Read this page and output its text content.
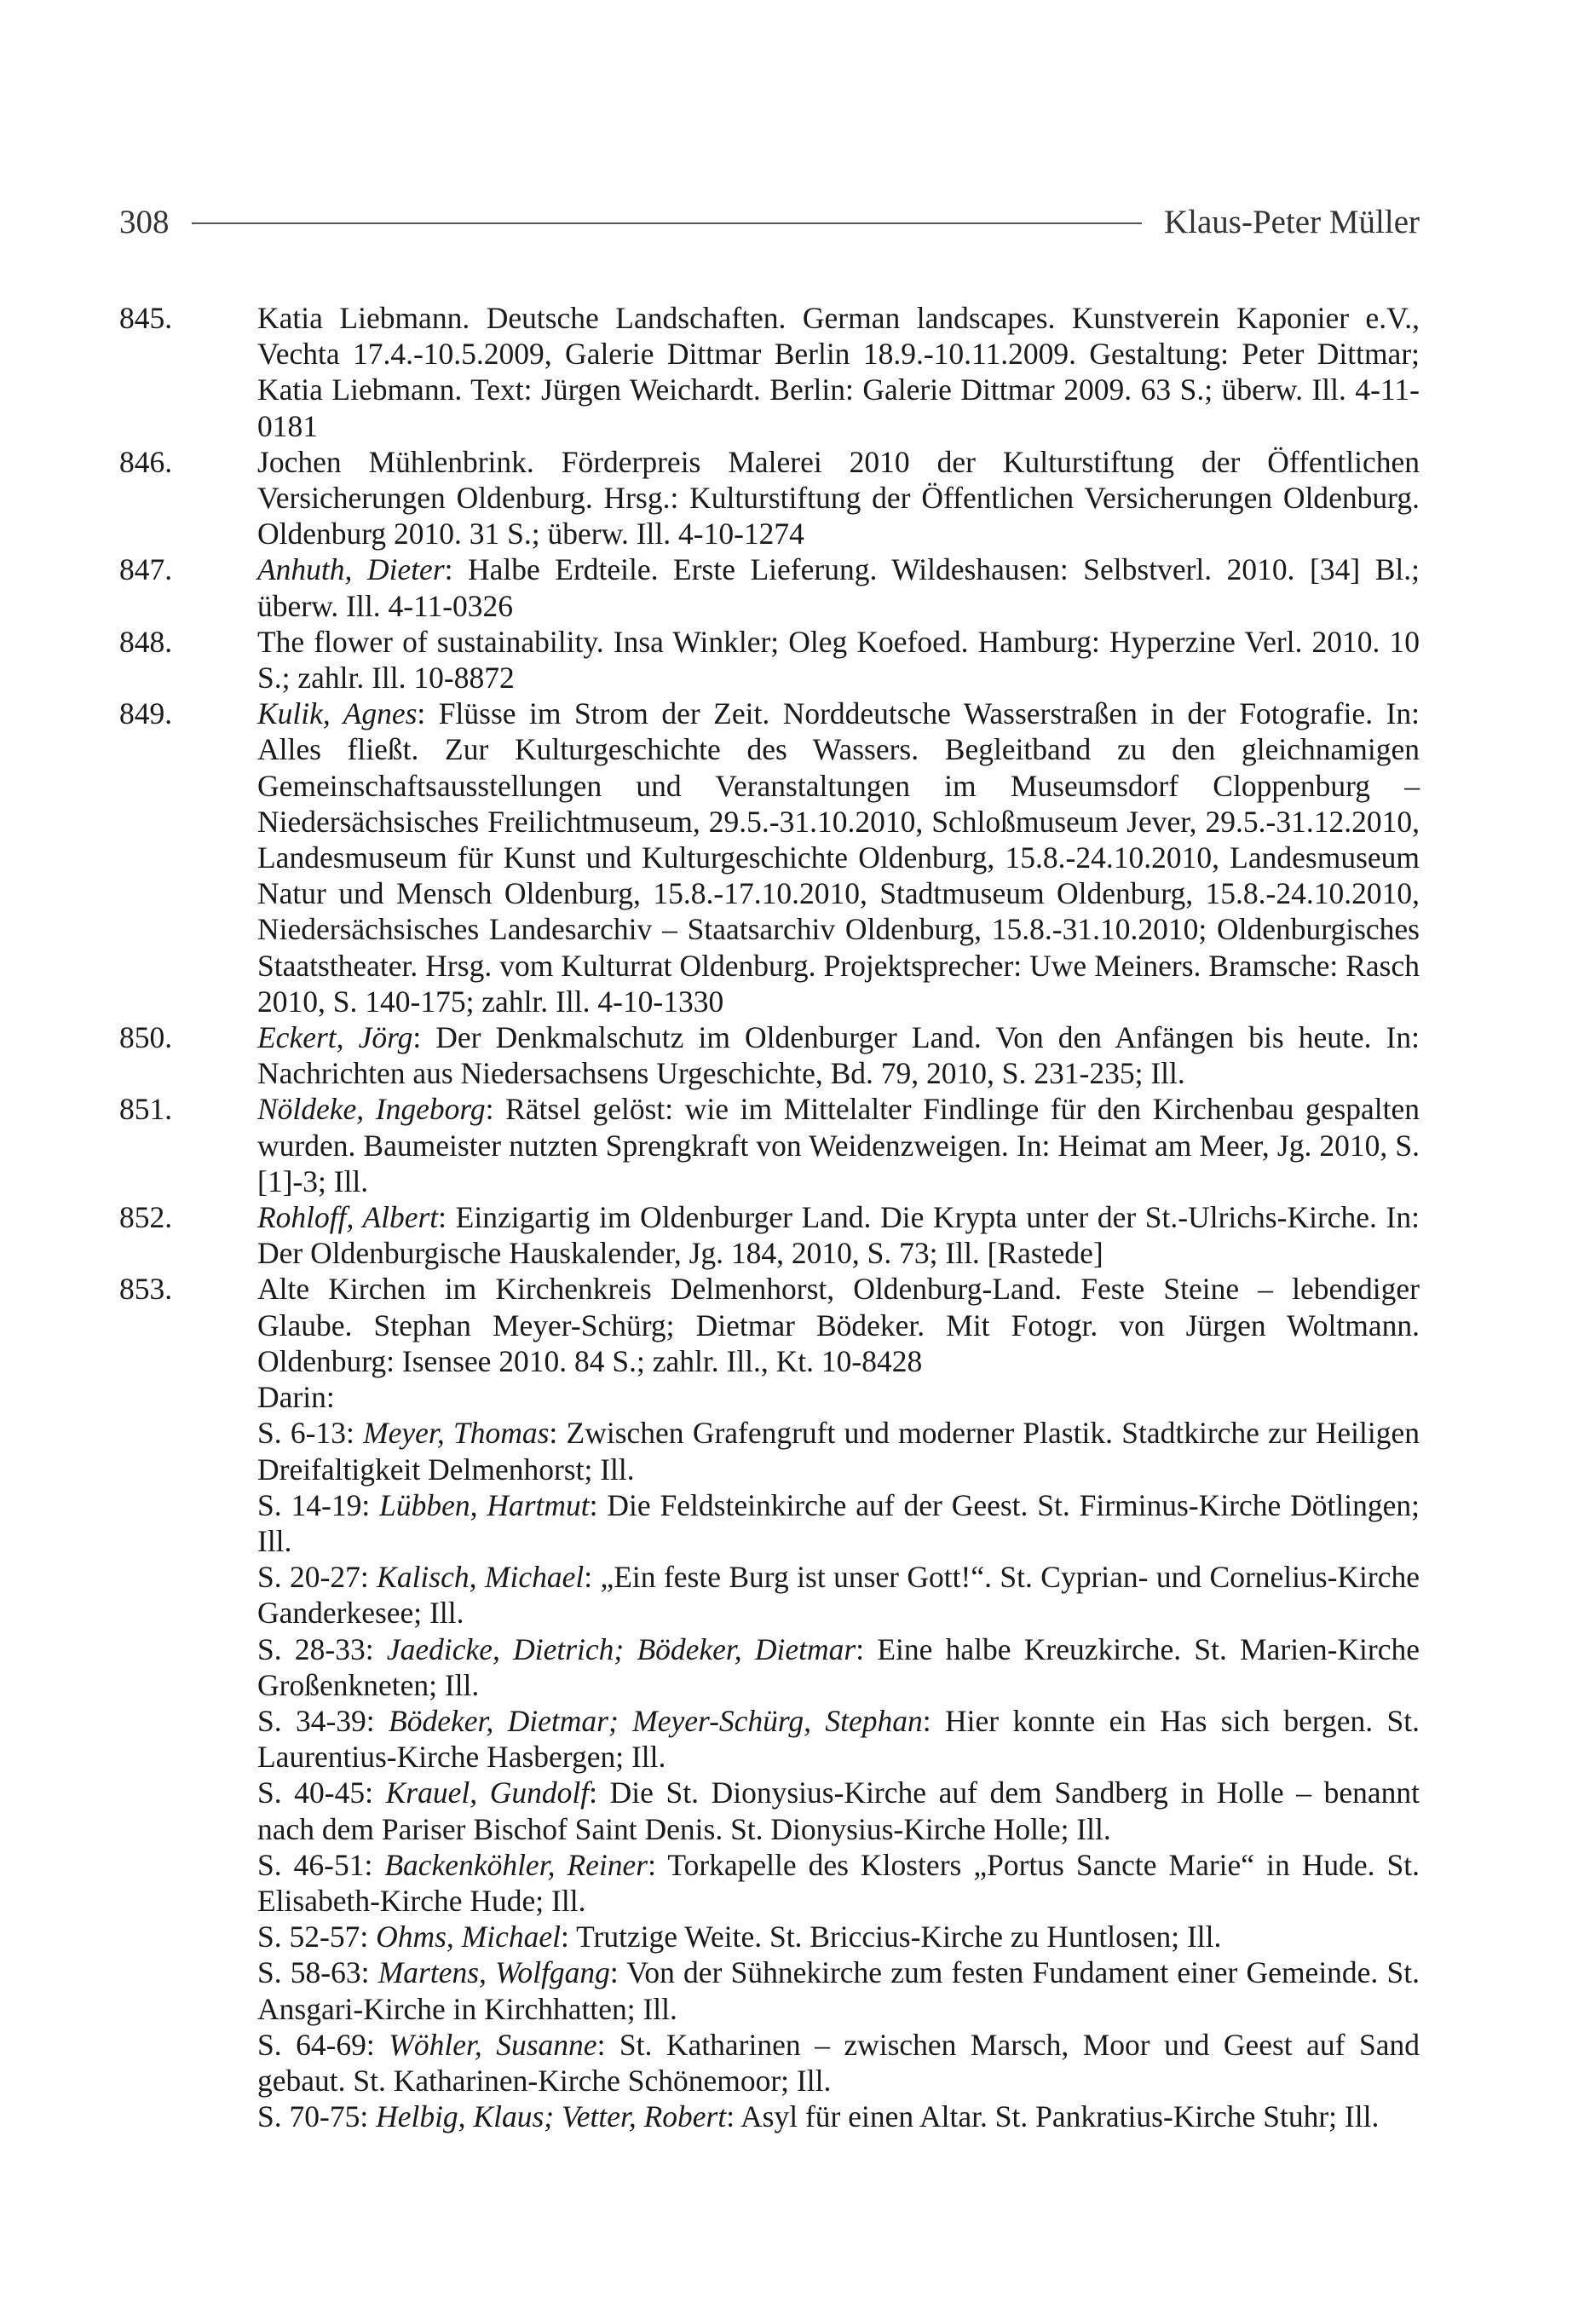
308	Klaus-Peter Müller
845.	Katia Liebmann. Deutsche Landschaften. German landscapes. Kunstverein Kaponier e.V., Vechta 17.4.-10.5.2009, Galerie Dittmar Berlin 18.9.-10.11.2009. Gestaltung: Peter Dittmar; Katia Liebmann. Text: Jürgen Weichardt. Berlin: Galerie Dittmar 2009. 63 S.; überw. Ill. 4-11-0181

846.	Jochen Mühlenbrink. Förderpreis Malerei 2010 der Kulturstiftung der Öffentlichen Versicherungen Oldenburg. Hrsg.: Kulturstiftung der Öffentlichen Versicherungen Oldenburg. Oldenburg 2010. 31 S.; überw. Ill. 4-10-1274

847.	Anhuth, Dieter: Halbe Erdteile. Erste Lieferung. Wildeshausen: Selbstverl. 2010. [34] Bl.; überw. Ill. 4-11-0326

848.	The flower of sustainability. Insa Winkler; Oleg Koefoed. Hamburg: Hyperzine Verl. 2010. 10 S.; zahlr. Ill. 10-8872

849.	Kulik, Agnes: Flüsse im Strom der Zeit. Norddeutsche Wasserstraßen in der Fotografie. In: Alles fließt. Zur Kulturgeschichte des Wassers. Begleitband zu den gleichnamigen Gemeinschaftsausstellungen und Veranstaltungen im Museumsdorf Cloppenburg – Niedersächsisches Freilichtmuseum, 29.5.-31.10.2010, Schloßmuseum Jever, 29.5.-31.12.2010, Landesmuseum für Kunst und Kulturgeschichte Oldenburg, 15.8.-24.10.2010, Landesmuseum Natur und Mensch Oldenburg, 15.8.-17.10.2010, Stadtmuseum Oldenburg, 15.8.-24.10.2010, Niedersächsisches Landesarchiv – Staatsarchiv Oldenburg, 15.8.-31.10.2010; Oldenburgisches Staatstheater. Hrsg. vom Kulturrat Oldenburg. Projektsprecher: Uwe Meiners. Bramsche: Rasch 2010, S. 140-175; zahlr. Ill. 4-10-1330

850.	Eckert, Jörg: Der Denkmalschutz im Oldenburger Land. Von den Anfängen bis heute. In: Nachrichten aus Niedersachsens Urgeschichte, Bd. 79, 2010, S. 231-235; Ill.

851.	Nöldeke, Ingeborg: Rätsel gelöst: wie im Mittelalter Findlinge für den Kirchenbau gespalten wurden. Baumeister nutzten Sprengkraft von Weidenzweigen. In: Heimat am Meer, Jg. 2010, S. [1]-3; Ill.

852.	Rohloff, Albert: Einzigartig im Oldenburger Land. Die Krypta unter der St.-Ulrichs-Kirche. In: Der Oldenburgische Hauskalender, Jg. 184, 2010, S. 73; Ill. [Rastede]

853.	Alte Kirchen im Kirchenkreis Delmenhorst, Oldenburg-Land. Feste Steine – lebendiger Glaube. Stephan Meyer-Schürg; Dietmar Bödeker. Mit Fotogr. von Jürgen Woltmann. Oldenburg: Isensee 2010. 84 S.; zahlr. Ill., Kt. 10-8428

Darin:

S. 6-13: Meyer, Thomas: Zwischen Grafengruft und moderner Plastik. Stadtkirche zur Heiligen Dreifaltigkeit Delmenhorst; Ill.

S. 14-19: Lübben, Hartmut: Die Feldsteinkirche auf der Geest. St. Firminus-Kirche Dötlingen; Ill.

S. 20-27: Kalisch, Michael: „Ein feste Burg ist unser Gott!“. St. Cyprian- und Cornelius-Kirche Ganderkesee; Ill.

S. 28-33: Jaedicke, Dietrich; Bödeker, Dietmar: Eine halbe Kreuzkirche. St. Marien-Kirche Großenkneten; Ill.

S. 34-39: Bödeker, Dietmar; Meyer-Schürg, Stephan: Hier konnte ein Has sich bergen. St. Laurentius-Kirche Hasbergen; Ill.

S. 40-45: Krauel, Gundolf: Die St. Dionysius-Kirche auf dem Sandberg in Holle – benannt nach dem Pariser Bischof Saint Denis. St. Dionysius-Kirche Holle; Ill.

S. 46-51: Backenköhler, Reiner: Torkapelle des Klosters „Portus Sancte Marie“ in Hude. St. Elisabeth-Kirche Hude; Ill.

S. 52-57: Ohms, Michael: Trutzige Weite. St. Briccius-Kirche zu Huntlosen; Ill.

S. 58-63: Martens, Wolfgang: Von der Sühnekirche zum festen Fundament einer Gemeinde. St. Ansgari-Kirche in Kirchhatten; Ill.

S. 64-69: Wöhler, Susanne: St. Katharinen – zwischen Marsch, Moor und Geest auf Sand gebaut. St. Katharinen-Kirche Schönemoor; Ill.

S. 70-75: Helbig, Klaus; Vetter, Robert: Asyl für einen Altar. St. Pankratius-Kirche Stuhr; Ill.
